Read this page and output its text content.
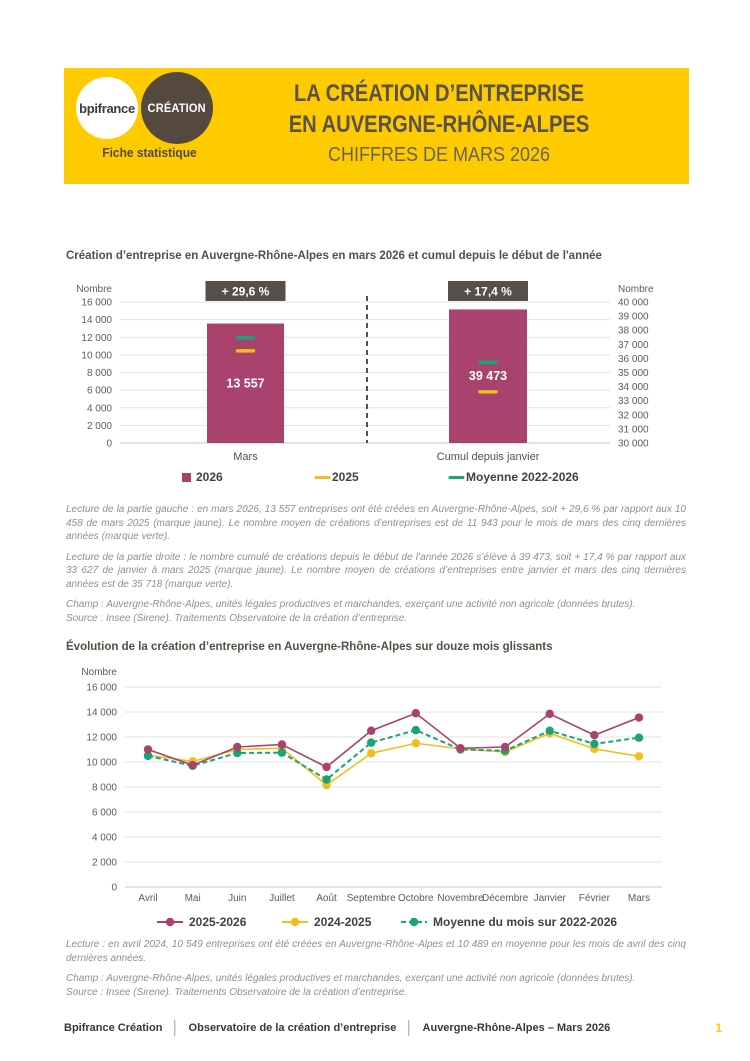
bpifrance CRÉATION
Fiche statistique
LA CRÉATION D’ENTREPRISE
EN AUVERGNE-RHÔNE-ALPES
CHIFFRES DE MARS 2026
Création d’entreprise en Auvergne-Rhône-Alpes en mars 2026 et cumul depuis le début de l'année
Nombre	Nombre
16 000
14 000
12 000
10 000
8 000
6 000
4 000
2 000
0
40 000
39 000
38 000
37 000
36 000
35 000
34 000
33 000
32 000
31 000
30 000
+ 29,6 %
13 557
Mars
+ 17,4 %
39 473
Cumul depuis janvier
2026	2025	Moyenne 2022-2026

Lecture de la partie gauche : en mars 2026, 13 557 entreprises ont été créées en Auvergne-Rhône-Alpes, soit + 29,6 % par rapport aux 10 458 de mars 2025 (marque jaune). Le nombre moyen de créations d’entreprises est de 11 943 pour le mois de mars des cinq dernières années (marque verte).

Lecture de la partie droite : le nombre cumulé de créations depuis le début de l’année 2026 s’élève à 39 473, soit + 17,4 % par rapport aux 33 627 de janvier à mars 2025 (marque jaune). Le nombre moyen de créations d’entreprises entre janvier et mars des cinq dernières années est de 35 718 (marque verte).

Champ : Auvergne-Rhône-Alpes, unités légales productives et marchandes, exerçant une activité non agricole (données brutes).

Source : Insee (Sirene). Traitements Observatoire de la création d’entreprise.

Évolution de la création d’entreprise en Auvergne-Rhône-Alpes sur douze mois glissants
Nombre
16 000
14 000
12 000
10 000
8 000
6 000
4 000
2 000
0
Avril	Mai	Juin Juillet Août Septembre Octobre Novembre
Décembre Janvier Février Mars
2025-2026	2024-2025	Moyenne du mois sur 2022-2026

Lecture : en avril 2024, 10 549 entreprises ont été créées en Auvergne-Rhône-Alpes et 10 489 en moyenne pour les mois de avril des cinq dernières années.

Champ : Auvergne-Rhône-Alpes, unités légales productives et marchandes, exerçant une activité non agricole (données brutes).

Source : Insee (Sirene). Traitements Observatoire de la création d’entreprise.

Bpifrance Création │ Observatoire de la création d’entreprise │ Auvergne-Rhône-Alpes – Mars 2026	1
